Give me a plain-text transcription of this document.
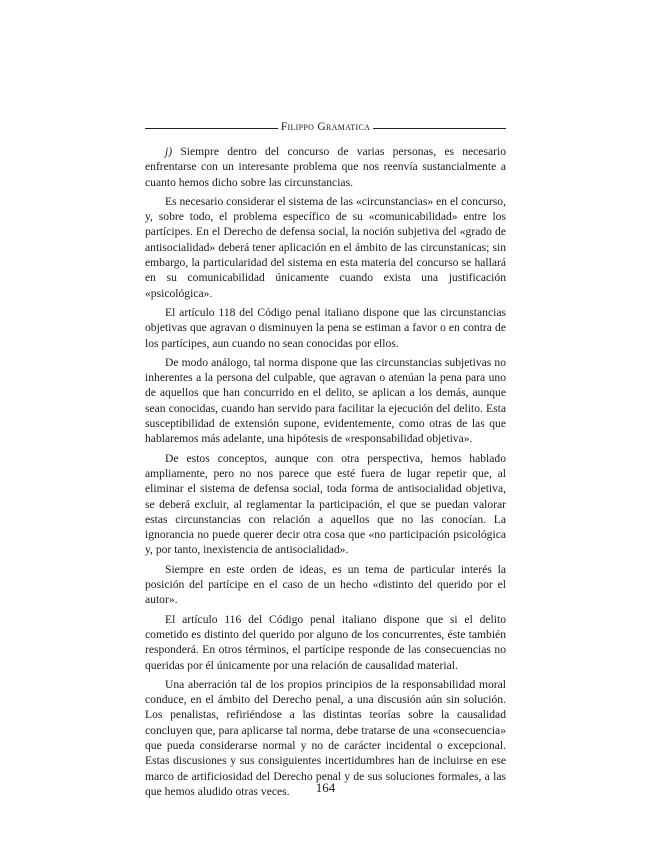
Filippo Gramatica

j) Siempre dentro del concurso de varias personas, es necesario enfrentarse con un interesante problema que nos reenvía sustancialmente a cuanto hemos dicho sobre las circunstancias.

Es necesario considerar el sistema de las «circunstancias» en el concurso, y, sobre todo, el problema específico de su «comunicabilidad» entre los partícipes. En el Derecho de defensa social, la noción subjetiva del «grado de antisocialidad» deberá tener aplicación en el ámbito de las circunstanicas; sin embargo, la particularidad del sistema en esta materia del concurso se hallará en su comunicabilidad únicamente cuando exista una justificación «psicológica».

El artículo 118 del Código penal italiano dispone que las circunstancias objetivas que agravan o disminuyen la pena se estiman a favor o en contra de los partícipes, aun cuando no sean conocidas por ellos.

De modo análogo, tal norma dispone que las circunstancias subjetivas no inherentes a la persona del culpable, que agravan o atenúan la pena para uno de aquellos que han concurrido en el delito, se aplican a los demás, aunque sean conocidas, cuando han servido para facilitar la ejecución del delito. Esta susceptibilidad de extensión supone, evidentemente, como otras de las que hablaremos más adelante, una hipótesis de «responsabilidad objetiva».

De estos conceptos, aunque con otra perspectiva, hemos hablado ampliamente, pero no nos parece que esté fuera de lugar repetir que, al eliminar el sistema de defensa social, toda forma de antisocialidad objetiva, se deberá excluir, al reglamentar la participación, el que se puedan valorar estas circunstancias con relación a aquellos que no las conocían. La ignorancia no puede querer decir otra cosa que «no participación psicológica y, por tanto, inexistencia de antisocialidad».

Siempre en este orden de ideas, es un tema de particular interés la posición del partícipe en el caso de un hecho «distinto del querido por el autor».

El artículo 116 del Código penal italiano dispone que si el delito cometido es distinto del querido por alguno de los concurrentes, éste también responderá. En otros términos, el partícipe responde de las consecuencias no queridas por él únicamente por una relación de causalidad material.

Una aberración tal de los propios principios de la responsabilidad moral conduce, en el ámbito del Derecho penal, a una discusión aún sin solución. Los penalistas, refiriéndose a las distintas teorías sobre la causalidad concluyen que, para aplicarse tal norma, debe tratarse de una «consecuencia» que pueda considerarse normal y no de carácter incidental o excepcional. Estas discusiones y sus consiguientes incertidumbres han de incluirse en ese marco de artificiosidad del Derecho penal y de sus soluciones formales, a las que hemos aludido otras veces.	164
